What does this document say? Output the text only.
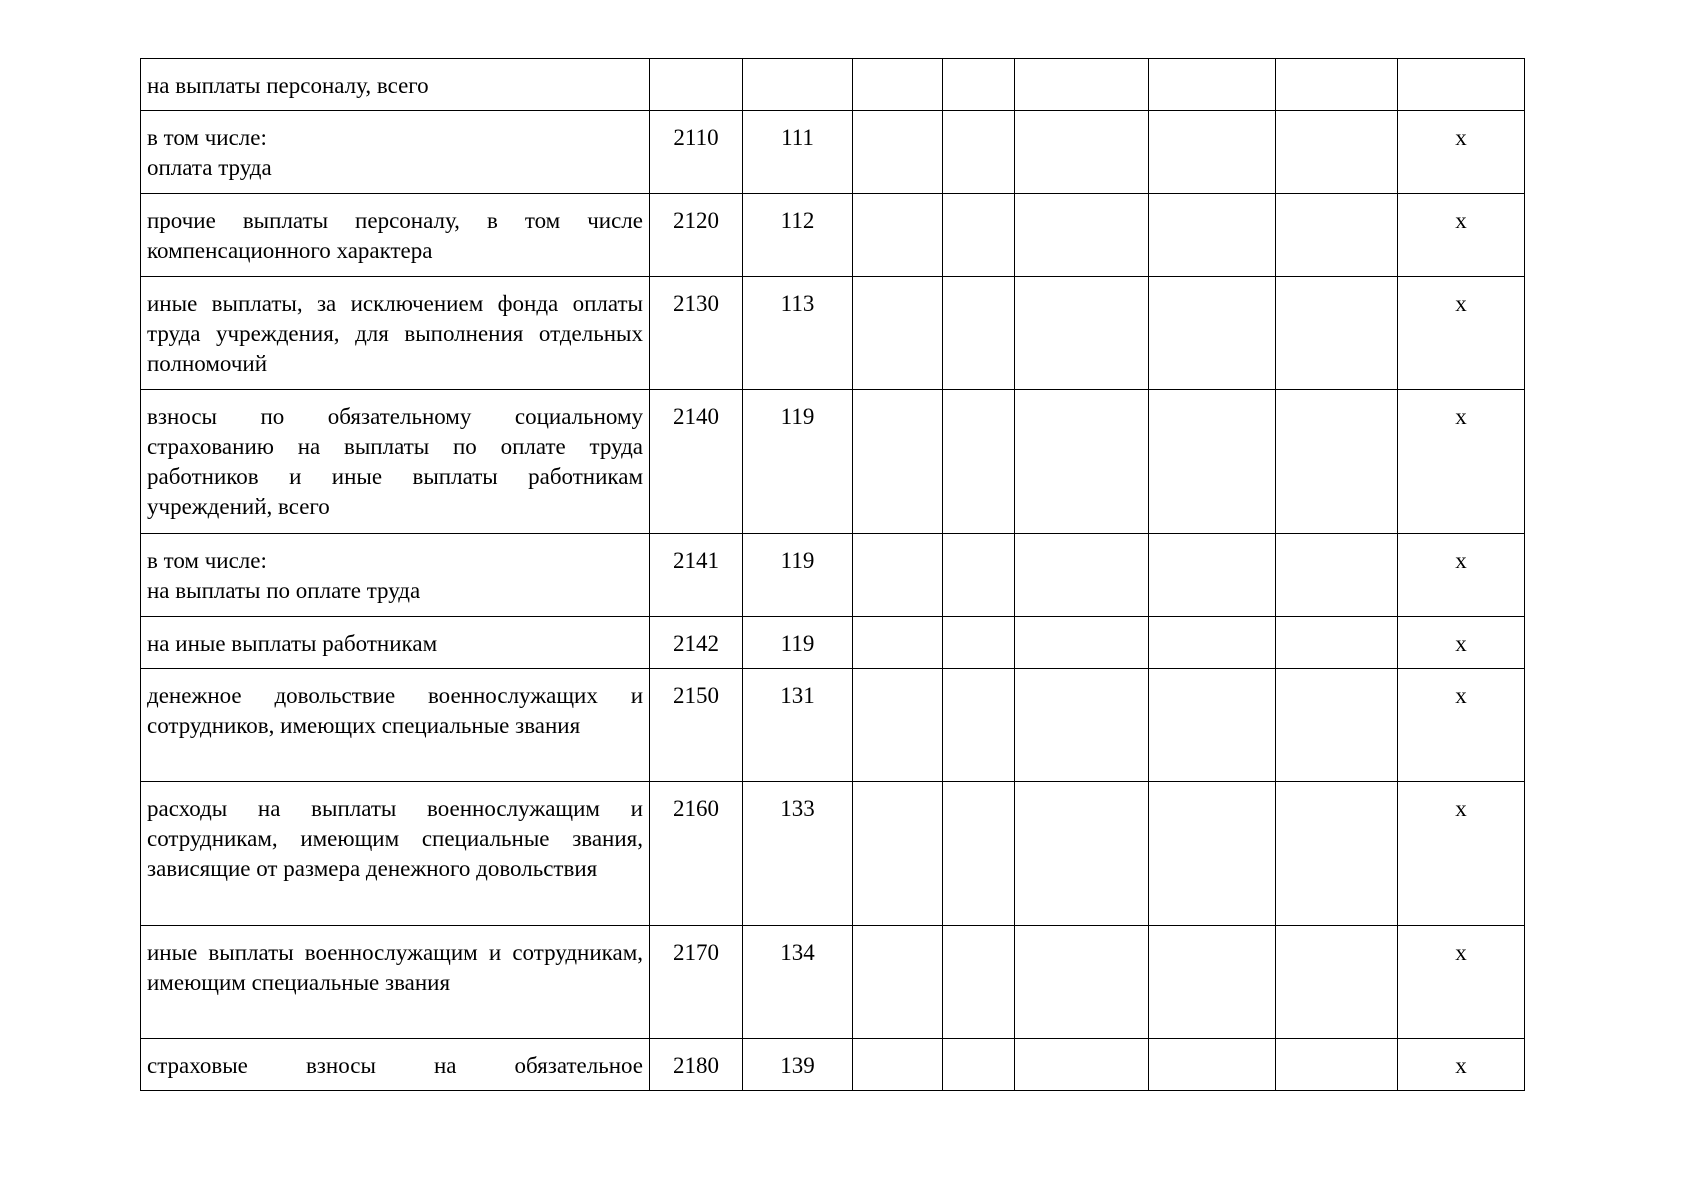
на выплаты персоналу, всего								

в том числе:
оплата труда	2110	111						x

прочие выплаты персоналу, в том числе компенсационного характера	2120	112						x

иные выплаты, за исключением фонда оплаты труда учреждения, для выполнения отдельных полномочий	2130	113						x

взносы по обязательному социальному страхованию на выплаты по оплате труда работников и иные выплаты работникам учреждений, всего	2140	119						x

в том числе:
на выплаты по оплате труда	2141	119						x

на иные выплаты работникам	2142	119						x

денежное довольствие военнослужащих и сотрудников, имеющих специальные звания	2150	131						x

расходы на выплаты военнослужащим и сотрудникам, имеющим специальные звания, зависящие от размера денежного довольствия	2160	133						x

иные выплаты военнослужащим и сотрудникам, имеющим специальные звания	2170	134						x

страховые взносы на обязательное	2180	139						x
